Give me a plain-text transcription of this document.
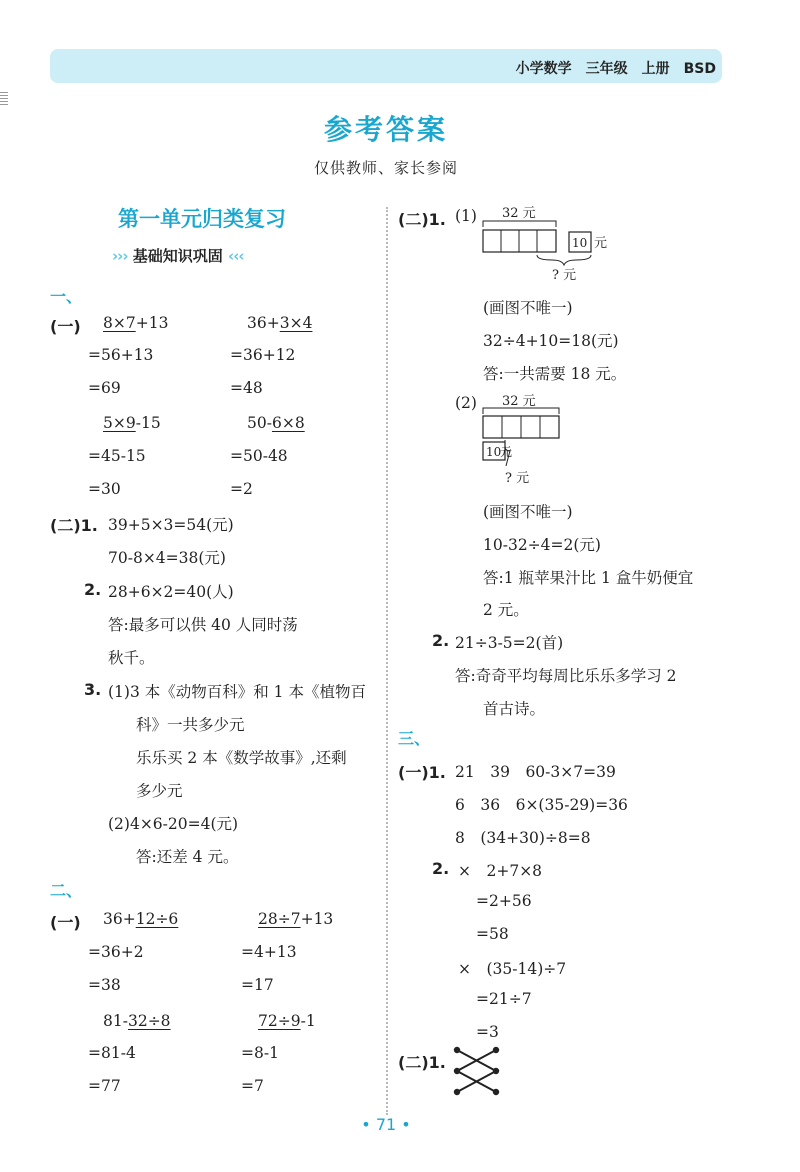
小学数学　三年级　上册　BSD
参考答案
仅供教师、家长参阅
第一单元归类复习
››› 基础知识巩固 ‹‹‹
一、
(一) 8×7+13
=56+13
=69
36+3×4
=36+12
=48
5×9-15
=45-15
=30
50-6×8
=50-48
=2
(二)1. 39+5×3=54(元)
70-8×4=38(元)
2. 28+6×2=40(人)
答:最多可以供 40 人同时荡
秋千。
3. (1)3 本《动物百科》和 1 本《植物百
科》一共多少元
乐乐买 2 本《数学故事》,还剩
多少元
(2)4×6-20=4(元)
答:还差 4 元。
二、
(一) 36+12÷6
=36+2
=38
28÷7+13
=4+13
=17
81-32÷8
=81-4
=77
72÷9-1
=8-1
=7
(二)1. (1) 32 元
10 元
? 元
(画图不唯一)
32÷4+10=18(元)
答:一共需要 18 元。
(2) 32 元
10
元
? 元
(画图不唯一)
10-32÷4=2(元)
答:1 瓶苹果汁比 1 盒牛奶便宜
2 元。
2. 21÷3-5=2(首)
答:奇奇平均每周比乐乐多学习 2
首古诗。
三、
(一)1. 21　39　60-3×7=39
6　36　6×(35-29)=36
8　(34+30)÷8=8
2. ×　2+7×8
=2+56
=58
×　(35-14)÷7
=21÷7
=3
(二)1.
• 71 •
